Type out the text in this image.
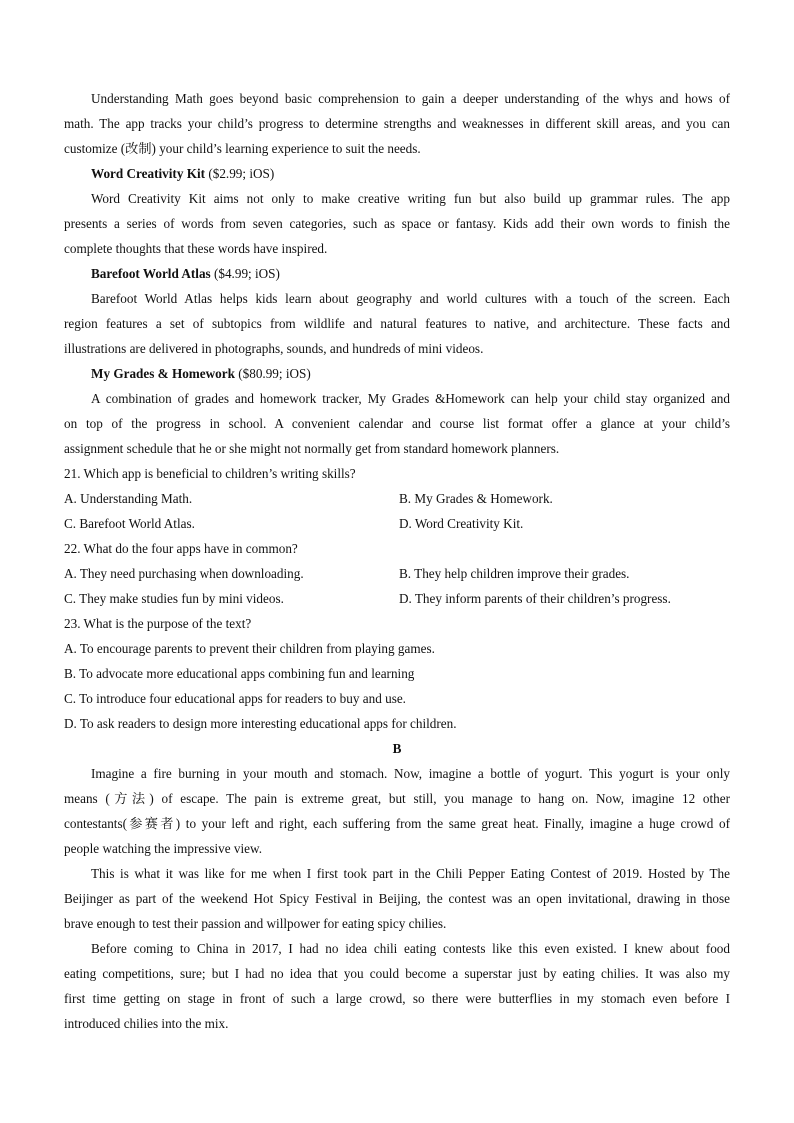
Understanding Math goes beyond basic comprehension to gain a deeper understanding of the whys and hows of
math. The app tracks your child’s progress to determine strengths and weaknesses in different skill areas, and you can
customize (改制) your child’s learning experience to suit the needs.
Word Creativity Kit ($2.99; iOS)
Word Creativity Kit aims not only to make creative writing fun but also build up grammar rules. The app
presents a series of words from seven categories, such as space or fantasy. Kids add their own words to finish the
complete thoughts that these words have inspired.
Barefoot World Atlas ($4.99; iOS)
Barefoot World Atlas helps kids learn about geography and world cultures with a touch of the screen. Each
region features a set of subtopics from wildlife and natural features to native, and architecture. These facts and
illustrations are delivered in photographs, sounds, and hundreds of mini videos.
My Grades & Homework ($80.99; iOS)
A combination of grades and homework tracker, My Grades &Homework can help your child stay organized and
on top of the progress in school. A convenient calendar and course list format offer a glance at your child’s
assignment schedule that he or she might not normally get from standard homework planners.
21. Which app is beneficial to children’s writing skills?
A. Understanding Math.	B. My Grades & Homework.
C. Barefoot World Atlas.	D. Word Creativity Kit.
22. What do the four apps have in common?
A. They need purchasing when downloading.	B. They help children improve their grades.
C. They make studies fun by mini videos.	D. They inform parents of their children’s progress.
23. What is the purpose of the text?
A. To encourage parents to prevent their children from playing games.
B. To advocate more educational apps combining fun and learning
C. To introduce four educational apps for readers to buy and use.
D. To ask readers to design more interesting educational apps for children.
B
Imagine a fire burning in your mouth and stomach. Now, imagine a bottle of yogurt. This yogurt is your only
means (方法) of escape. The pain is extreme great, but still, you manage to hang on. Now, imagine 12 other
contestants(参赛者) to your left and right, each suffering from the same great heat. Finally, imagine a huge crowd of
people watching the impressive view.
This is what it was like for me when I first took part in the Chili Pepper Eating Contest of 2019. Hosted by The
Beijinger as part of the weekend Hot Spicy Festival in Beijing, the contest was an open invitational, drawing in those
brave enough to test their passion and willpower for eating spicy chilies.
Before coming to China in 2017, I had no idea chili eating contests like this even existed. I knew about food
eating competitions, sure; but I had no idea that you could become a superstar just by eating chilies. It was also my
first time getting on stage in front of such a large crowd, so there were butterflies in my stomach even before I
introduced chilies into the mix.
